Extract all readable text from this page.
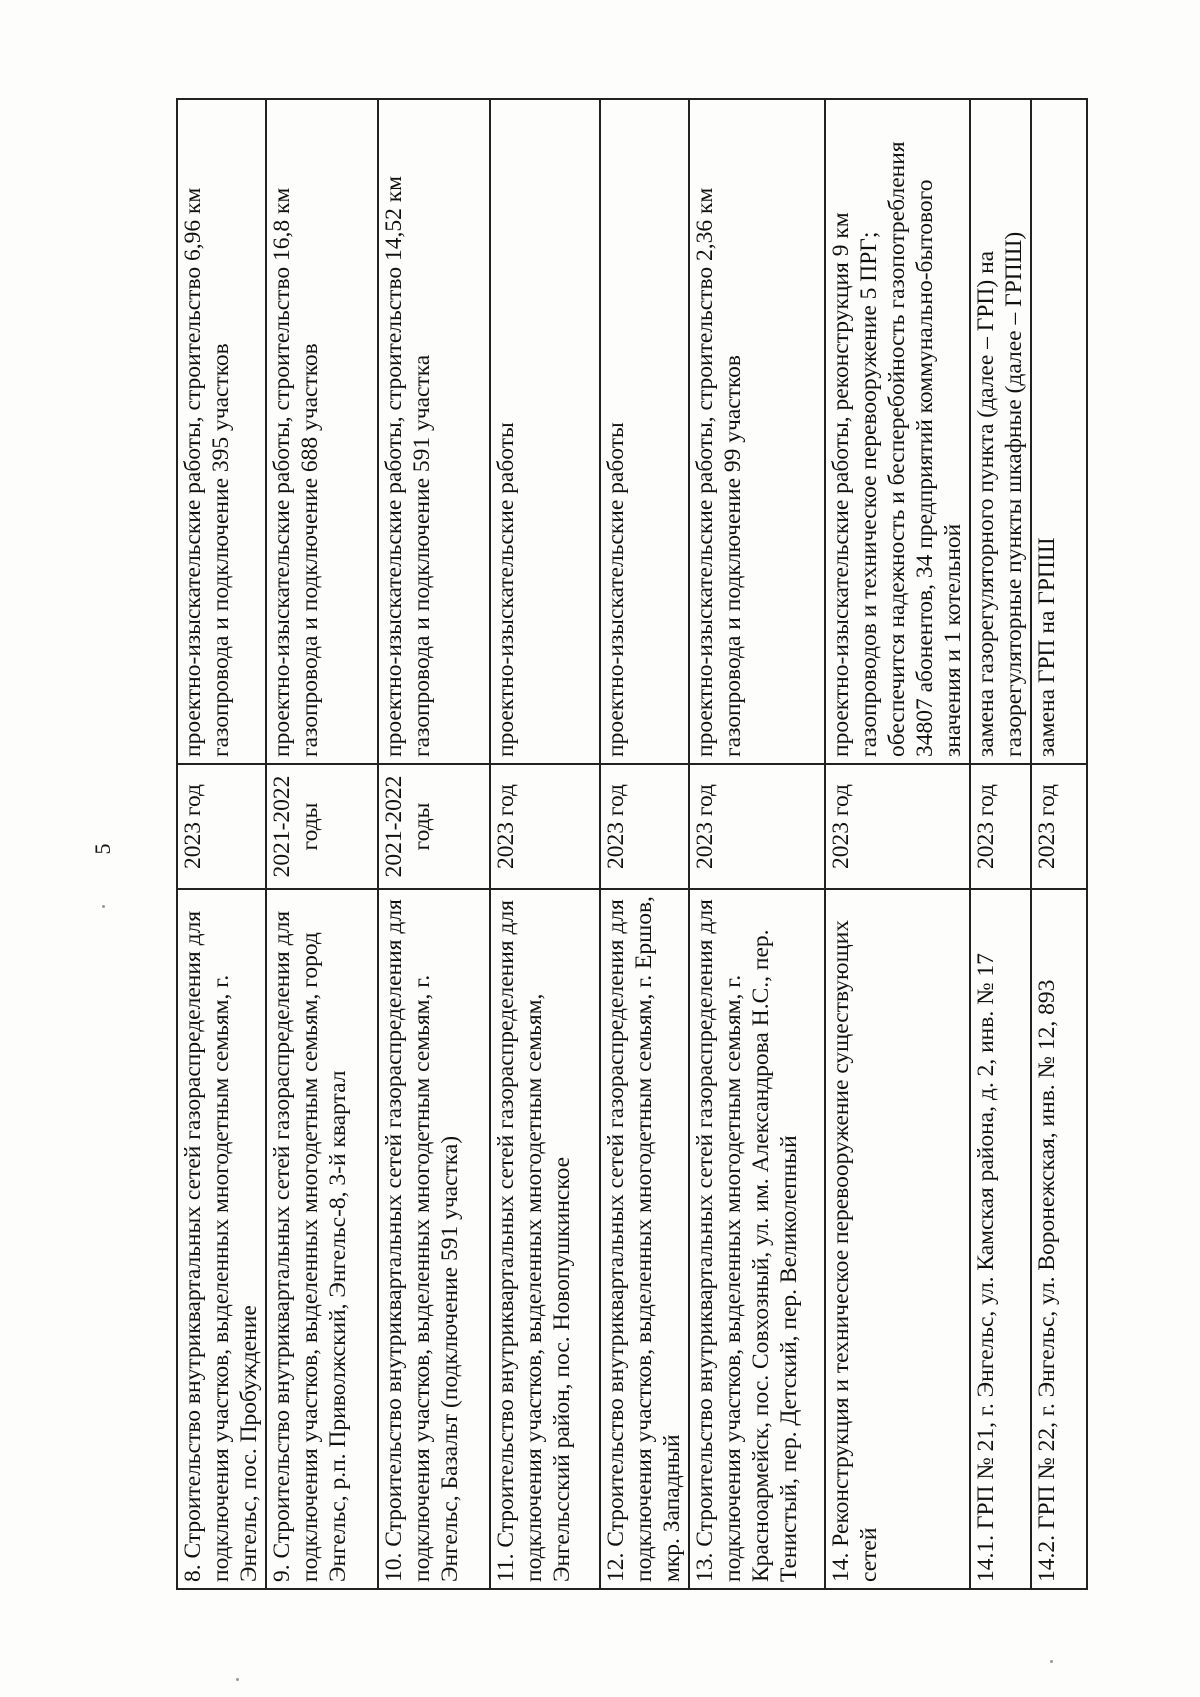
5
8. Строительство внутриквартальных сетей газораспределения для подключения участков, выделенных многодетным семьям, г. Энгельс, пос. Пробуждение	2023 год	проектно-изыскательские работы, строительство 6,96 км газопровода и подключение 395 участков
9. Строительство внутриквартальных сетей газораспределения для подключения участков, выделенных многодетным семьям, город Энгельс, р.п. Приволжский, Энгельс-8, 3-й квартал	2021-2022 годы	проектно-изыскательские работы, строительство 16,8 км газопровода и подключение 688 участков
10. Строительство внутриквартальных сетей газораспределения для подключения участков, выделенных многодетным семьям, г. Энгельс, Базальт (подключение 591 участка)	2021-2022 годы	проектно-изыскательские работы, строительство 14,52 км газопровода и подключение 591 участка
11. Строительство внутриквартальных сетей газораспределения для подключения участков, выделенных многодетным семьям, Энгельсский район, пос. Новопушкинское	2023 год	проектно-изыскательские работы
12. Строительство внутриквартальных сетей газораспределения для подключения участков, выделенных многодетным семьям, г. Ершов, мкр. Западный	2023 год	проектно-изыскательские работы
13. Строительство внутриквартальных сетей газораспределения для подключения участков, выделенных многодетным семьям, г. Красноармейск, пос. Совхозный, ул. им. Александрова Н.С., пер. Тенистый, пер. Детский, пер. Великолепный	2023 год	проектно-изыскательские работы, строительство 2,36 км газопровода и подключение 99 участков
14. Реконструкция и техническое перевооружение существующих сетей	2023 год	проектно-изыскательские работы, реконструкция 9 км газопроводов и техническое перевооружение 5 ПРГ; обеспечится надежность и бесперебойность газопотребления 34807 абонентов, 34 предприятий коммунально-бытового значения и 1 котельной
14.1. ГРП № 21, г. Энгельс, ул. Камская района, д. 2, инв. № 17	2023 год	замена газорегуляторного пункта (далее – ГРП) на газорегуляторные пункты шкафные (далее – ГРПШ)
14.2. ГРП № 22, г. Энгельс, ул. Воронежская, инв. № 12, 893	2023 год	замена ГРП на ГРПШ
